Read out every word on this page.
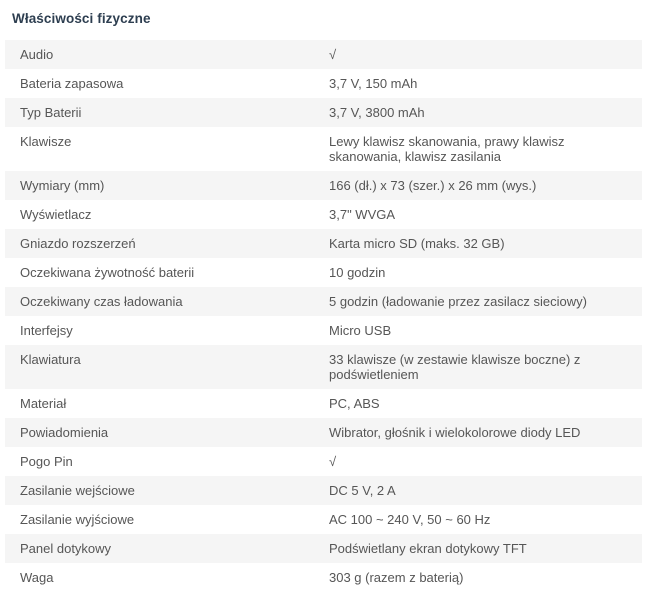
Właściwości fizyczne
Audio	√
Bateria zapasowa	3,7 V, 150 mAh
Typ Baterii	3,7 V, 3800 mAh
Klawisze	Lewy klawisz skanowania, prawy klawisz skanowania, klawisz zasilania
Wymiary (mm)	166 (dł.) x 73 (szer.) x 26 mm (wys.)
Wyświetlacz	3,7" WVGA
Gniazdo rozszerzeń	Karta micro SD (maks. 32 GB)
Oczekiwana żywotność baterii	10 godzin
Oczekiwany czas ładowania	5 godzin (ładowanie przez zasilacz sieciowy)
Interfejsy	Micro USB
Klawiatura	33 klawisze (w zestawie klawisze boczne) z podświetleniem
Materiał	PC, ABS
Powiadomienia	Wibrator, głośnik i wielokolorowe diody LED
Pogo Pin	√
Zasilanie wejściowe	DC 5 V, 2 A
Zasilanie wyjściowe	AC 100 ~ 240 V, 50 ~ 60 Hz
Panel dotykowy	Podświetlany ekran dotykowy TFT
Waga	303 g (razem z baterią)
